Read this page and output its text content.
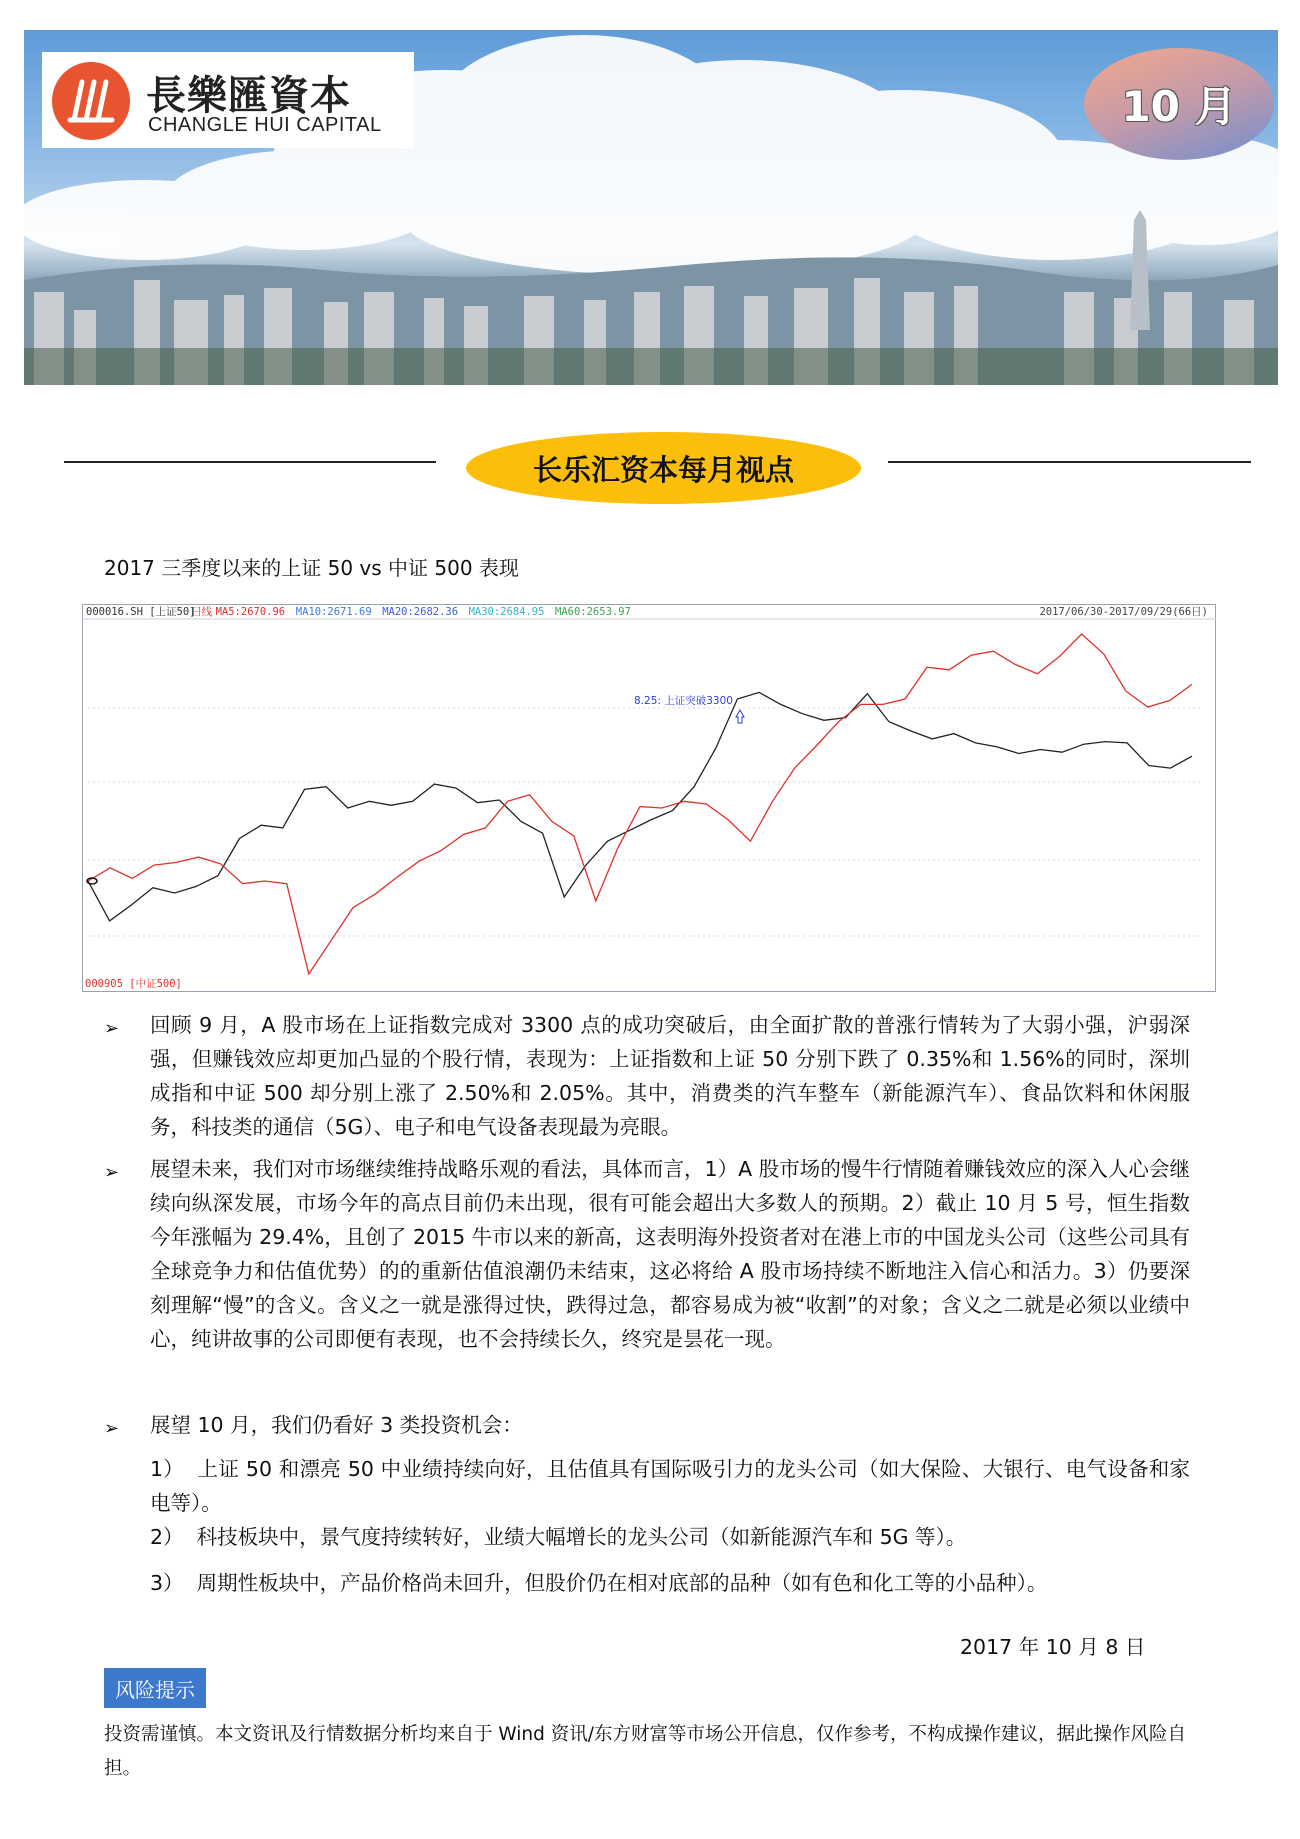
長樂匯資本
CHANGLE HUI CAPITAL	10 月
长乐汇资本每月视点
2017 三季度以来的上证 50 vs 中证 500 表现
000016.SH [上证50]
日线 MA5:2670.96 MA10:2671.69 MA20:2682.36 MA30:2684.95 MA60:2653.97	2017/06/30-2017/09/29(66日)
000905 [中证500]
8.25: 上证突破3300
➢ 回顾 9 月，A 股市场在上证指数完成对 3300 点的成功突破后，由全面扩散的普涨行情转为了大弱小强，沪弱深强，但赚钱效应却更加凸显的个股行情，表现为：上证指数和上证 50 分别下跌了 0.35%和 1.56%的同时，深圳成指和中证 500 却分别上涨了 2.50%和 2.05%。其中，消费类的汽车整车（新能源汽车）、食品饮料和休闲服务，科技类的通信（5G）、电子和电气设备表现最为亮眼。
➢ 展望未来，我们对市场继续维持战略乐观的看法，具体而言，1）A 股市场的慢牛行情随着赚钱效应的深入人心会继续向纵深发展，市场今年的高点目前仍未出现，很有可能会超出大多数人的预期。2）截止 10 月 5 号，恒生指数今年涨幅为 29.4%，且创了 2015 牛市以来的新高，这表明海外投资者对在港上市的中国龙头公司（这些公司具有全球竞争力和估值优势）的的重新估值浪潮仍未结束，这必将给 A 股市场持续不断地注入信心和活力。3）仍要深刻理解“慢”的含义。含义之一就是涨得过快，跌得过急，都容易成为被“收割”的对象；含义之二就是必须以业绩中心，纯讲故事的公司即便有表现，也不会持续长久，终究是昙花一现。
➢ 展望 10 月，我们仍看好 3 类投资机会：
1） 上证 50 和漂亮 50 中业绩持续向好，且估值具有国际吸引力的龙头公司（如大保险、大银行、电气设备和家电等）。
2） 科技板块中，景气度持续转好，业绩大幅增长的龙头公司（如新能源汽车和 5G 等）。
3） 周期性板块中，产品价格尚未回升，但股价仍在相对底部的品种（如有色和化工等的小品种）。
2017 年 10 月 8 日
风险提示
投资需谨慎。本文资讯及行情数据分析均来自于 Wind 资讯/东方财富等市场公开信息，仅作参考，不构成操作建议，据此操作风险自担。
